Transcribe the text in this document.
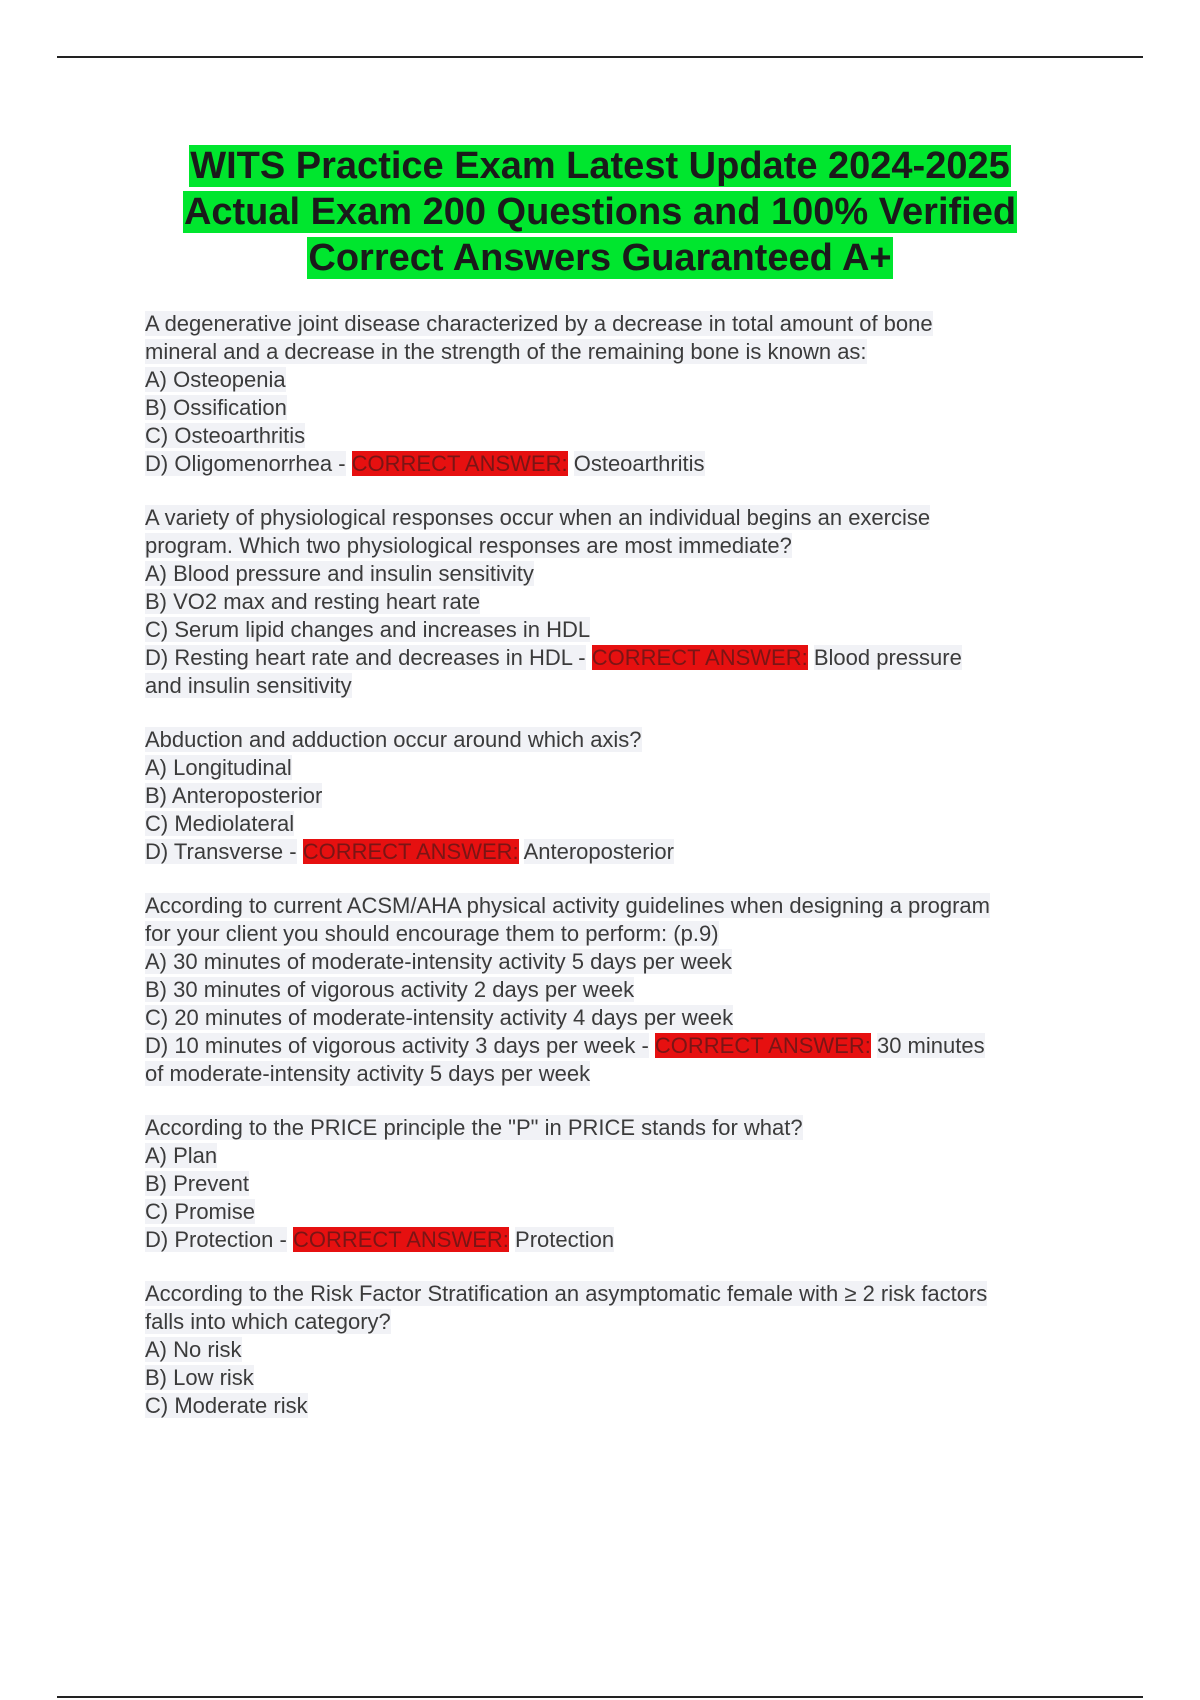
WITS Practice Exam Latest Update 2024-2025
Actual Exam 200 Questions and 100% Verified
Correct Answers Guaranteed A+
A degenerative joint disease characterized by a decrease in total amount of bone
mineral and a decrease in the strength of the remaining bone is known as:
A) Osteopenia
B) Ossification
C) Osteoarthritis
D) Oligomenorrhea - CORRECT ANSWER: Osteoarthritis
A variety of physiological responses occur when an individual begins an exercise
program. Which two physiological responses are most immediate?
A) Blood pressure and insulin sensitivity
B) VO2 max and resting heart rate
C) Serum lipid changes and increases in HDL
D) Resting heart rate and decreases in HDL - CORRECT ANSWER: Blood pressure
and insulin sensitivity
Abduction and adduction occur around which axis?
A) Longitudinal
B) Anteroposterior
C) Mediolateral
D) Transverse - CORRECT ANSWER: Anteroposterior
According to current ACSM/AHA physical activity guidelines when designing a program
for your client you should encourage them to perform: (p.9)
A) 30 minutes of moderate-intensity activity 5 days per week
B) 30 minutes of vigorous activity 2 days per week
C) 20 minutes of moderate-intensity activity 4 days per week
D) 10 minutes of vigorous activity 3 days per week - CORRECT ANSWER: 30 minutes
of moderate-intensity activity 5 days per week
According to the PRICE principle the "P" in PRICE stands for what?
A) Plan
B) Prevent
C) Promise
D) Protection - CORRECT ANSWER: Protection
According to the Risk Factor Stratification an asymptomatic female with ≥ 2 risk factors
falls into which category?
A) No risk
B) Low risk
C) Moderate risk
